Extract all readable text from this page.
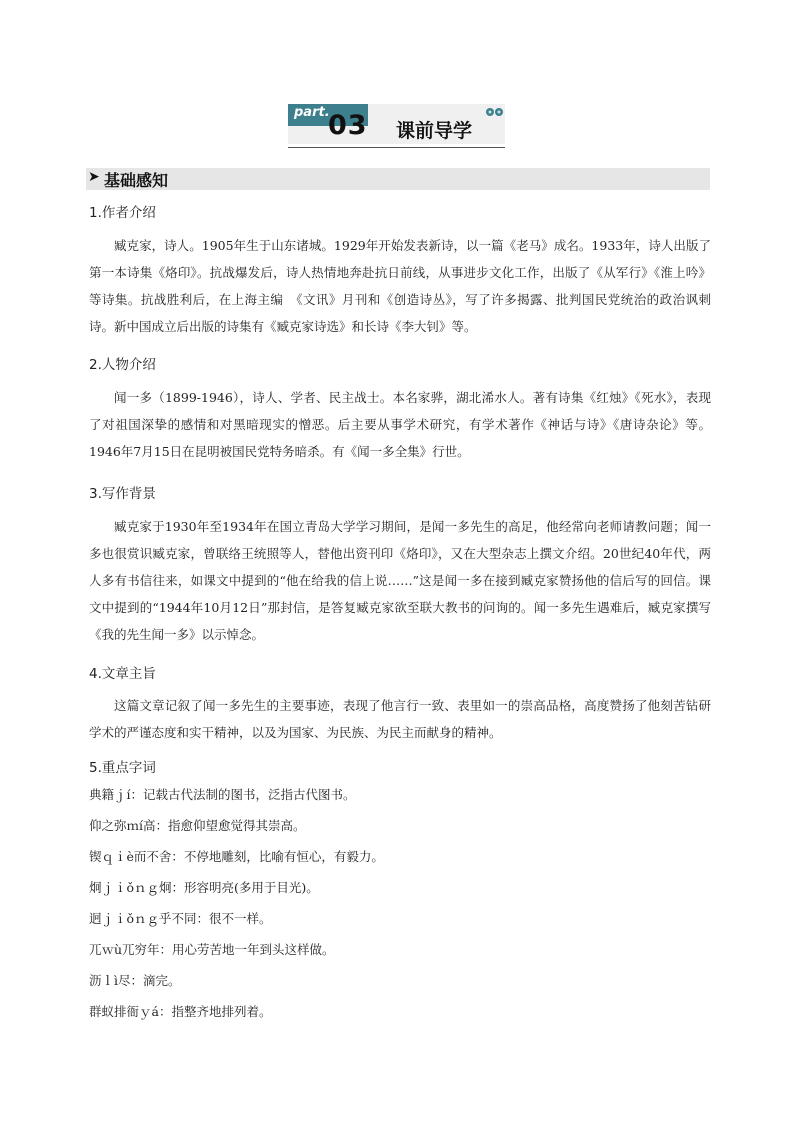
part.
03 课前导学
➤ 基础感知
1.作者介绍
臧克家，诗人。1905年生于山东诸城。1929年开始发表新诗，以一篇《老马》成名。1933年，诗人出版了第一本诗集《烙印》。抗战爆发后，诗人热情地奔赴抗日前线，从事进步文化工作，出版了《从军行》《淮上吟》等诗集。抗战胜利后，在上海主编　《文讯》月刊和《创造诗丛》，写了许多揭露、批判国民党统治的政治讽刺诗。新中国成立后出版的诗集有《臧克家诗选》和长诗《李大钊》等。
2.人物介绍
闻一多（1899-1946），诗人、学者、民主战士。本名家骅，湖北浠水人。著有诗集《红烛》《死水》，表现了对祖国深挚的感情和对黑暗现实的憎恶。后主要从事学术研究，有学术著作《神话与诗》《唐诗杂论》等。1946年7月15日在昆明被国民党特务暗杀。有《闻一多全集》行世。
3.写作背景
臧克家于1930年至1934年在国立青岛大学学习期间，是闻一多先生的高足，他经常向老师请教问题；闻一多也很赏识臧克家，曾联络王统照等人，替他出资刊印《烙印》，又在大型杂志上撰文介绍。20世纪40年代，两人多有书信往来，如课文中提到的“他在给我的信上说……”这是闻一多在接到臧克家赞扬他的信后写的回信。课文中提到的“1944年10月12日”那封信，是答复臧克家欲至联大教书的问询的。闻一多先生遇难后，臧克家撰写《我的先生闻一多》以示悼念。
4.文章主旨
这篇文章记叙了闻一多先生的主要事迹，表现了他言行一致、表里如一的崇高品格，高度赞扬了他刻苦钻研学术的严谨态度和实干精神，以及为国家、为民族、为民主而献身的精神。
5.重点字词
典籍ｊí：记载古代法制的图书，泛指古代图书。
仰之弥ｍí高：指愈仰望愈觉得其崇高。
锲ｑｉè而不舍：不停地雕刻，比喻有恒心，有毅力。
炯ｊｉǒｎｇ炯：形容明亮(多用于目光)。
迥ｊｉǒｎｇ乎不同：很不一样。
兀ｗù兀穷年：用心劳苦地一年到头这样做。
沥ｌì尽：滴完。
群蚁排衙ｙá：指整齐地排列着。
